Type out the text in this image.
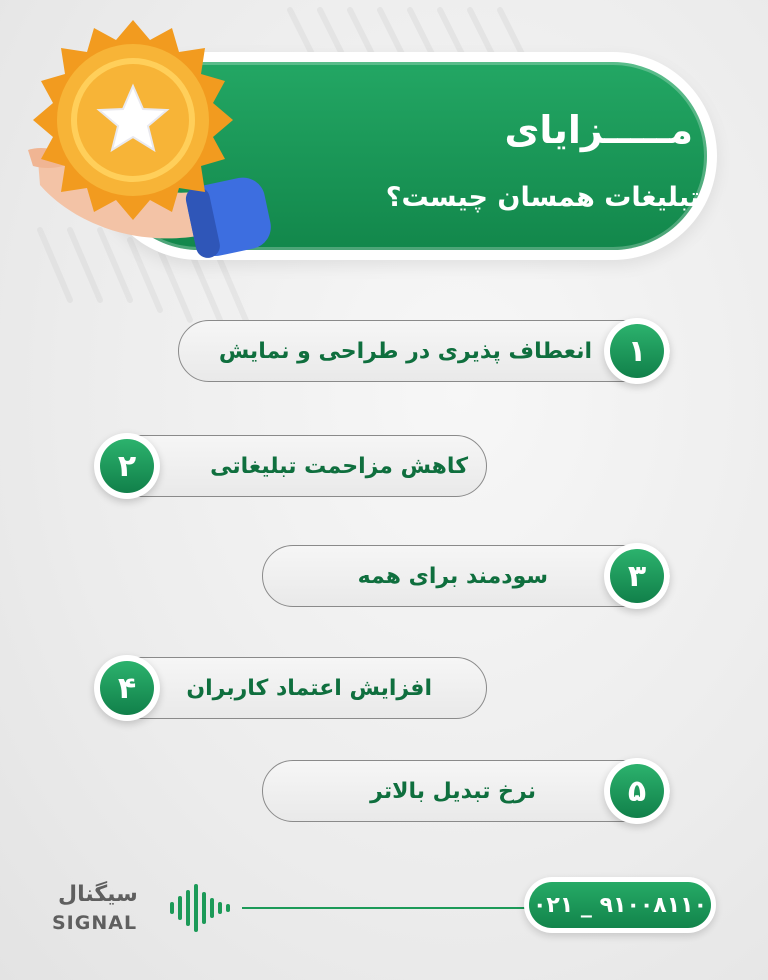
مـــــزایای
تبلیغات همسان چیست؟
انعطاف پذیری در طراحی و نمایش	۱
کاهش مزاحمت تبلیغاتی
۲
سودمند برای همه	۳
افزایش اعتماد کاربران
۴
نرخ تبدیل بالاتر	۵
سیگنال
SIGNAL
۰۲۱ _ ۹۱۰۰۸۱۱۰
